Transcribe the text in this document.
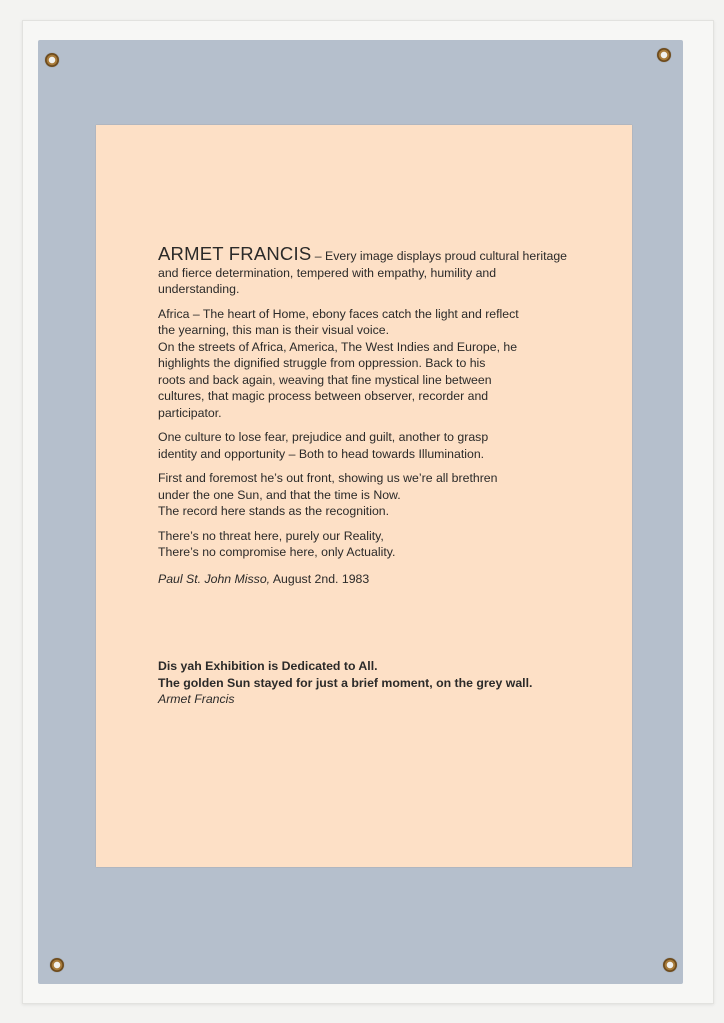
ARMET FRANCIS – Every image displays proud cultural heritage
and fierce determination, tempered with empathy, humility and
understanding.

Africa – The heart of Home, ebony faces catch the light and reflect
the yearning, this man is their visual voice.
On the streets of Africa, America, The West Indies and Europe, he
highlights the dignified struggle from oppression. Back to his
roots and back again, weaving that fine mystical line between
cultures, that magic process between observer, recorder and
participator.

One culture to lose fear, prejudice and guilt, another to grasp
identity and opportunity – Both to head towards Illumination.

First and foremost he’s out front, showing us we’re all brethren
under the one Sun, and that the time is Now.
The record here stands as the recognition.

There’s no threat here, purely our Reality,
There’s no compromise here, only Actuality.

Paul St. John Misso, August 2nd. 1983

Dis yah Exhibition is Dedicated to All.
The golden Sun stayed for just a brief moment, on the grey wall.
Armet Francis
